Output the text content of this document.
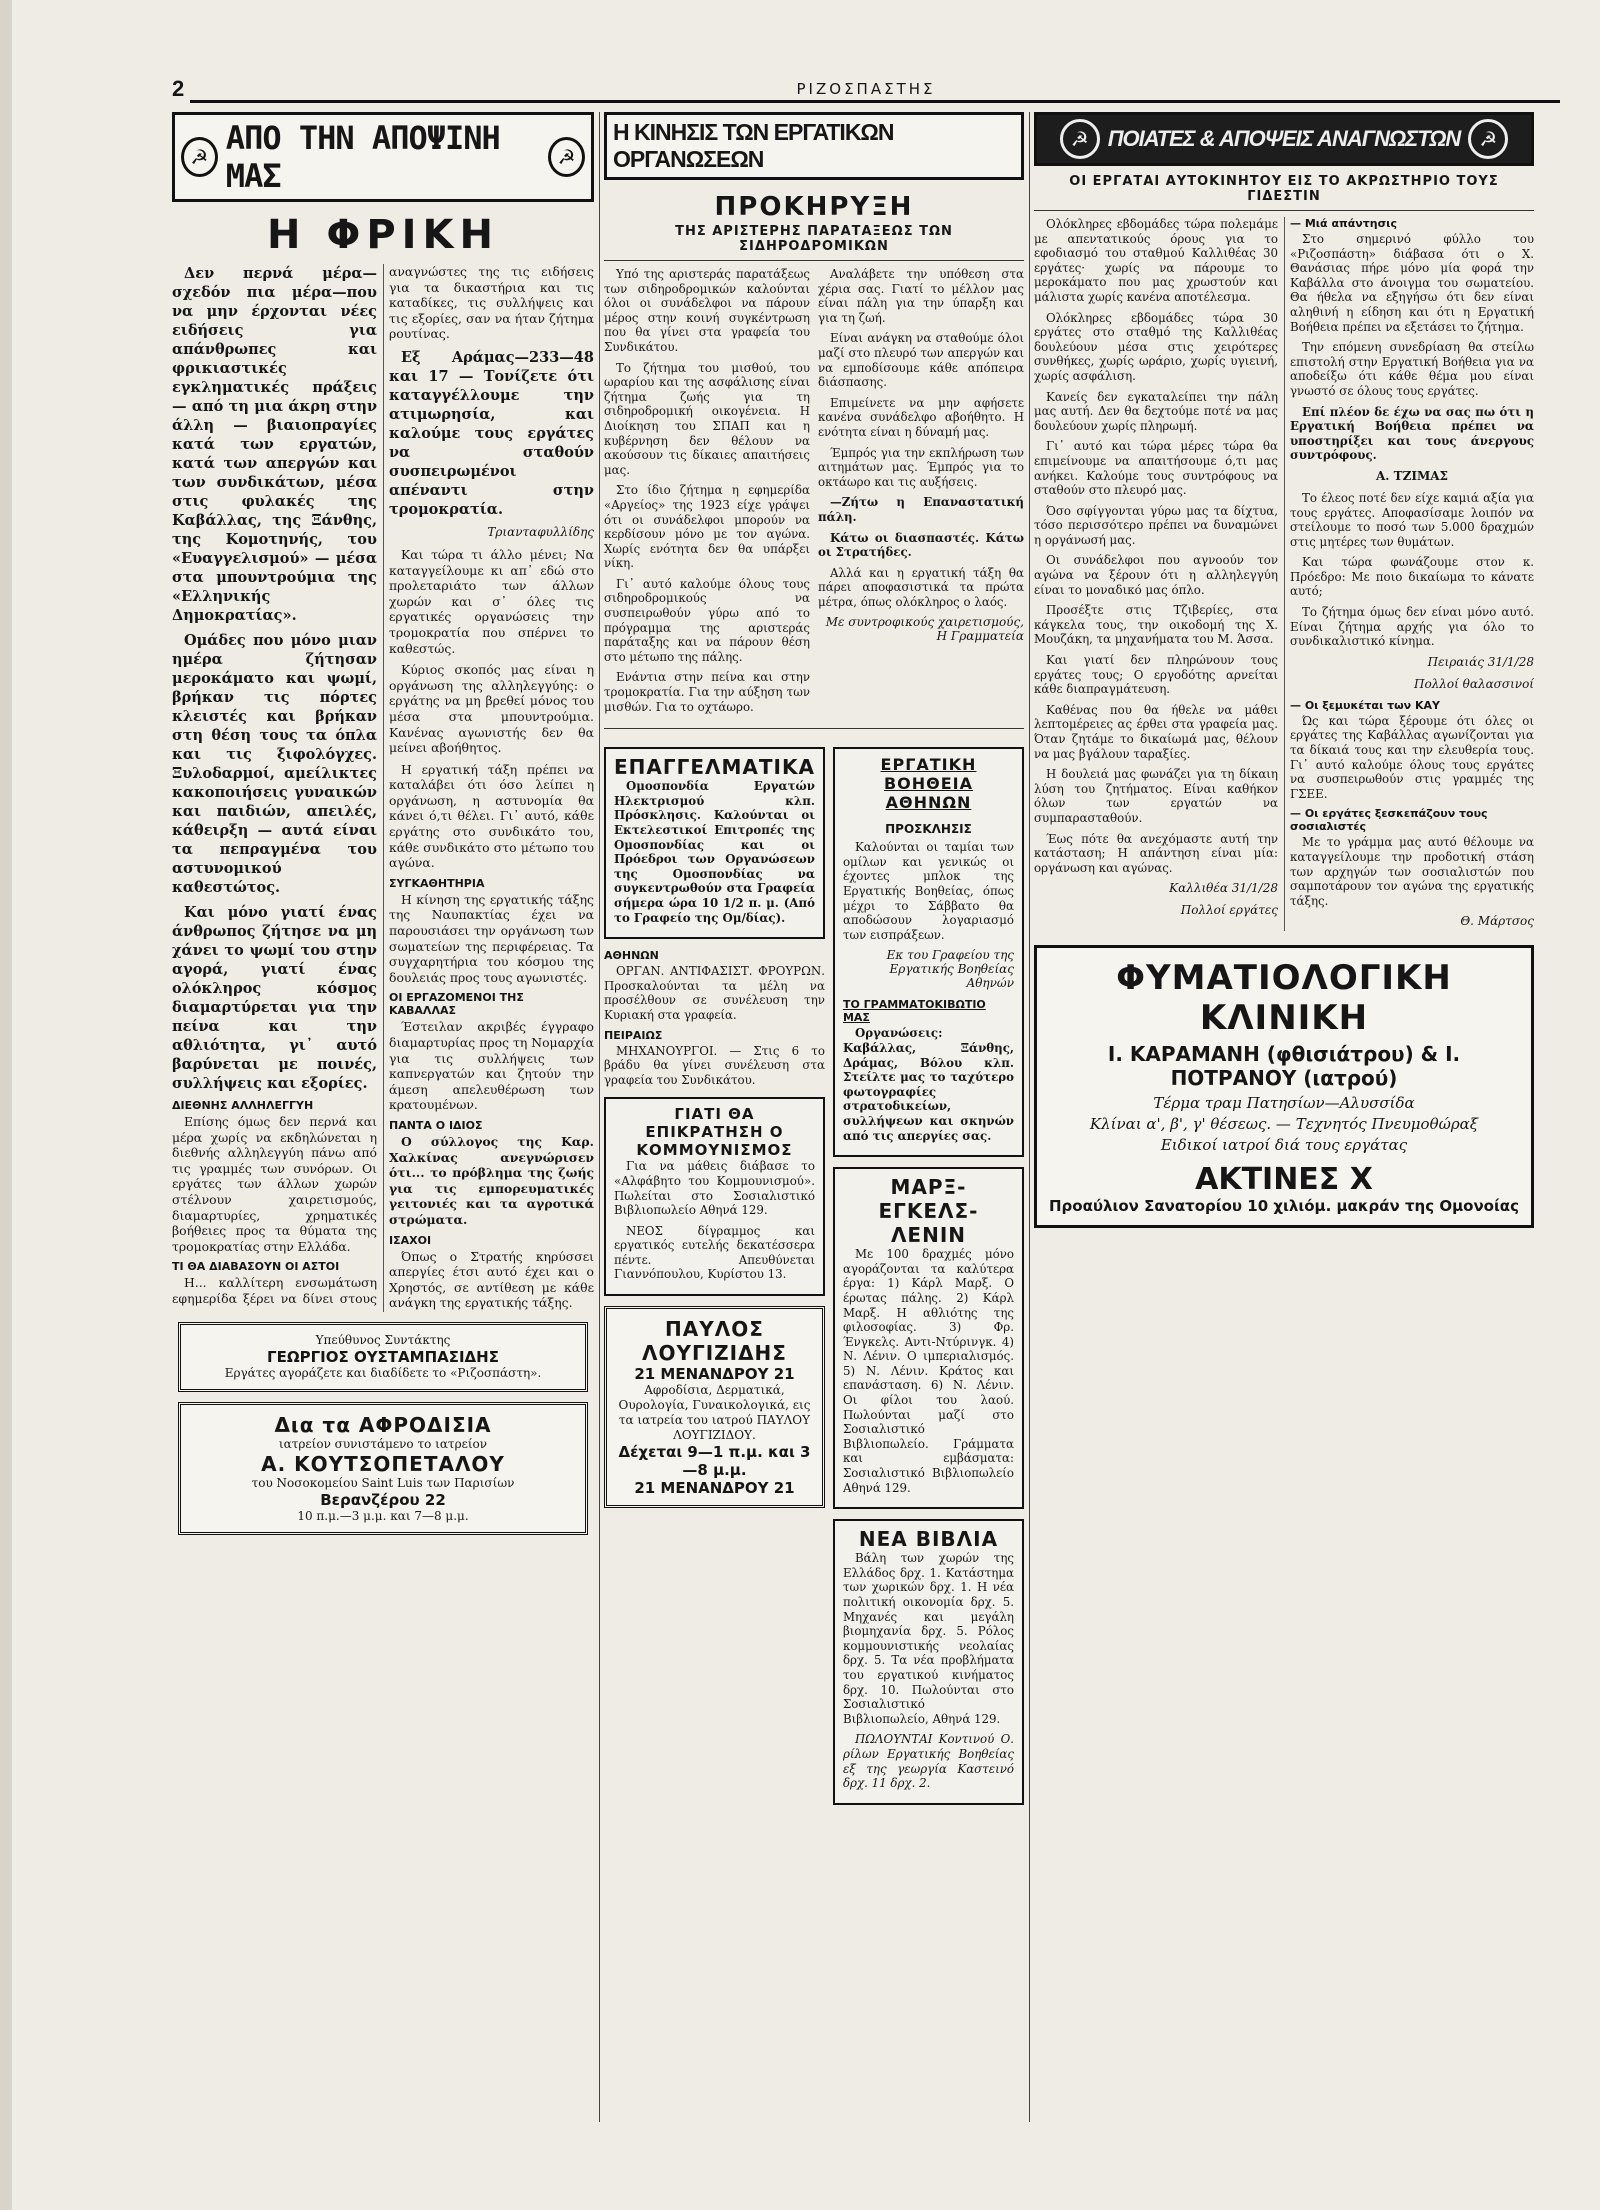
2	ΡΙΖΟΣΠΑΣΤΗΣ
☭ ΑΠΟ ΤΗΝ ΑΠΟΨΙΝΗ ΜΑΣ	☭
Η ΦΡΙΚΗ

Δεν περνά μέρα—σχεδόν πια μέρα—που να μην έρχονται νέες ειδήσεις για απάνθρωπες και φρικιαστικές εγκληματικές πράξεις — από τη μια άκρη στην άλλη — βιαιοπραγίες κατά των εργατών, κατά των απεργών και των συνδικάτων, μέσα στις φυλακές της Καβάλλας, της Ξάνθης, της Κομοτηνής, του «Ευαγγελισμού» — μέσα στα μπουντρούμια της «Ελληνικής Δημοκρατίας».

Ομάδες που μόνο μιαν ημέρα ζήτησαν μεροκάματο και ψωμί, βρήκαν τις πόρτες κλειστές και βρήκαν στη θέση τους τα όπλα και τις ξιφολόγχες. Ξυλοδαρμοί, αμείλικτες κακοποιήσεις γυναικών και παιδιών, απειλές, κάθειρξη — αυτά είναι τα πεπραγμένα του αστυνομικού καθεστώτος.

Και μόνο γιατί ένας άνθρωπος ζήτησε να μη χάνει το ψωμί του στην αγορά, γιατί ένας ολόκληρος κόσμος διαμαρτύρεται για την πείνα και την αθλιότητα, γι᾽ αυτό βαρύνεται με ποινές, συλλήψεις και εξορίες.

ΔΙΕΘΝΗΣ ΑΛΛΗΛΕΓΓΥΗ

Επίσης όμως δεν περνά και μέρα χωρίς να εκδηλώνεται η διεθνής αλληλεγγύη πάνω από τις γραμμές των συνόρων. Οι εργάτες των άλλων χωρών στέλνουν χαιρετισμούς, διαμαρτυρίες, χρηματικές βοήθειες προς τα θύματα της τρομοκρατίας στην Ελλάδα.

ΤΙ ΘΑ ΔΙΑΒΑΣΟΥΝ ΟΙ ΑΣΤΟΙ

Η... καλλίτερη ενσωμάτωση εφημερίδα ξέρει να δίνει στους αναγνώστες της τις ειδήσεις για τα δικαστήρια και τις καταδίκες, τις συλλήψεις και τις εξορίες, σαν να ήταν ζήτημα ρουτίνας.

Εξ Αράμας—233—48 και 17 — Τονίζετε ότι καταγγέλλουμε την ατιμωρησία, και καλούμε τους εργάτες να σταθούν συσπειρωμένοι απέναντι στην τρομοκρατία.

Τριανταφυλλίδης

Και τώρα τι άλλο μένει; Να καταγγείλουμε κι απ᾽ εδώ στο προλεταριάτο των άλλων χωρών και σ᾽ όλες τις εργατικές οργανώσεις την τρομοκρατία που σπέρνει το καθεστώς.

Κύριος σκοπός μας είναι η οργάνωση της αλληλεγγύης: ο εργάτης να μη βρεθεί μόνος του μέσα στα μπουντρούμια. Κανένας αγωνιστής δεν θα μείνει αβοήθητος.

Η εργατική τάξη πρέπει να καταλάβει ότι όσο λείπει η οργάνωση, η αστυνομία θα κάνει ό,τι θέλει. Γι᾽ αυτό, κάθε εργάτης στο συνδικάτο του, κάθε συνδικάτο στο μέτωπο του αγώνα.

ΣΥΓΚΑΘΗΤΗΡΙΑ

Η κίνηση της εργατικής τάξης της Ναυπακτίας έχει να παρουσιάσει την οργάνωση των σωματείων της περιφέρειας. Τα συγχαρητήρια του κόσμου της δουλειάς προς τους αγωνιστές.

ΟΙ ΕΡΓΑΖΟΜΕΝΟΙ ΤΗΣ ΚΑΒΑΛΛΑΣ

Έστειλαν ακριβές έγγραφο διαμαρτυρίας προς τη Νομαρχία για τις συλλήψεις των καπνεργατών και ζητούν την άμεση απελευθέρωση των κρατουμένων.

ΠΑΝΤΑ Ο ΙΔΙΟΣ

Ο σύλλογος της Καρ. Χαλκίνας ανεγνώρισεν ότι... το πρόβλημα της ζωής για τις εμπορευματικές γειτονιές και τα αγροτικά στρώματα.

ΙΣΑΧΟΙ

Όπως ο Στρατής κηρύσσει απεργίες έτσι αυτό έχει και ο Χρηστός, σε αντίθεση με κάθε ανάγκη της εργατικής τάξης.

Υπεύθυνος Συντάκτης
ΓΕΩΡΓΙΟΣ ΟΥΣΤΑΜΠΑΣΙΔΗΣ
Εργάτες αγοράζετε και διαδίδετε το «Ριζοσπάστη».
Δια τα ΑΦΡΟΔΙΣΙΑ
ιατρείον συνιστάμενο το ιατρείον
Α. ΚΟΥΤΣΟΠΕΤΑΛΟΥ
του Νοσοκομείου Saint Luis των Παρισίων
Βερανζέρου 22
10 π.μ.—3 μ.μ. και 7—8 μ.μ.
Η ΚΙΝΗΣΙΣ ΤΩΝ ΕΡΓΑΤΙΚΩΝ ΟΡΓΑΝΩΣΕΩΝ
ΠΡΟΚΗΡΥΞΗ
ΤΗΣ ΑΡΙΣΤΕΡΗΣ ΠΑΡΑΤΑΞΕΩΣ ΤΩΝ ΣΙΔΗΡΟΔΡΟΜΙΚΩΝ

Υπό της αριστεράς παρατάξεως των σιδηροδρομικών καλούνται όλοι οι συνάδελφοι να πάρουν μέρος στην κοινή συγκέντρωση που θα γίνει στα γραφεία του Συνδικάτου.

Το ζήτημα του μισθού, του ωραρίου και της ασφάλισης είναι ζήτημα ζωής για τη σιδηροδρομική οικογένεια. Η Διοίκηση του ΣΠΑΠ και η κυβέρνηση δεν θέλουν να ακούσουν τις δίκαιες απαιτήσεις μας.

Στο ίδιο ζήτημα η εφημερίδα «Αργείος» της 1923 είχε γράψει ότι οι συνάδελφοι μπορούν να κερδίσουν μόνο με τον αγώνα. Χωρίς ενότητα δεν θα υπάρξει νίκη.

Γι᾽ αυτό καλούμε όλους τους σιδηροδρομικούς να συσπειρωθούν γύρω από το πρόγραμμα της αριστεράς παράταξης και να πάρουν θέση στο μέτωπο της πάλης.

Ενάντια στην πείνα και στην τρομοκρατία. Για την αύξηση των μισθών. Για το οχτάωρο.

Αναλάβετε την υπόθεση στα χέρια σας. Γιατί το μέλλον μας είναι πάλη για την ύπαρξη και για τη ζωή.

Είναι ανάγκη να σταθούμε όλοι μαζί στο πλευρό των απεργών και να εμποδίσουμε κάθε απόπειρα διάσπασης.

Επιμείνετε να μην αφήσετε κανένα συνάδελφο αβοήθητο. Η ενότητα είναι η δύναμή μας.

Έμπρός για την εκπλήρωση των αιτημάτων μας. Έμπρός για το οκτάωρο και τις αυξήσεις.

—Ζήτω η Επαναστατική πάλη.

Κάτω οι διασπαστές. Κάτω οι Στρατήδες.

Αλλά και η εργατική τάξη θα πάρει αποφασιστικά τα πρώτα μέτρα, όπως ολόκληρος ο λαός.

Με συντροφικούς χαιρετισμούς, Η Γραμματεία
ΕΠΑΓΓΕΛΜΑΤΙΚΑ

Ομοσπονδία Εργατών Ηλεκτρισμού κλπ. Πρόσκλησις. Καλούνται οι Εκτελεστικοί Επιτροπές της Ομοσπονδίας και οι Πρόεδροι των Οργανώσεων της Ομοσπονδίας να συγκεντρωθούν στα Γραφεία σήμερα ώρα 10 1/2 π. μ. (Από το Γραφείο της Ομ/δίας).

ΑΘΗΝΩΝ

ΟΡΓΑΝ. ΑΝΤΙΦΑΣΙΣΤ. ΦΡΟΥΡΩΝ. Προσκαλούνται τα μέλη να προσέλθουν σε συνέλευση την Κυριακή στα γραφεία.

ΠΕΙΡΑΙΩΣ

ΜΗΧΑΝΟΥΡΓΟΙ. — Στις 6 το βράδυ θα γίνει συνέλευση στα γραφεία του Συνδικάτου.

ΓΙΑΤΙ ΘΑ ΕΠΙΚΡΑΤΗΣΗ Ο ΚΟΜΜΟΥΝΙΣΜΟΣ

Για να μάθεις διάβασε το «Αλφάβητο του Κομμουνισμού». Πωλείται στο Σοσιαλιστικό Βιβλιοπωλείο Αθηνά 129.

ΝΕΟΣ δίγραμμος και εργατικός ευτελής δεκατέσσερα πέντε. Απευθύνεται Γιαννόπουλου, Κυρίστου 13.

ΠΑΥΛΟΣ ΛΟΥΓΙΖΙΔΗΣ
21 ΜΕΝΑΝΔΡΟΥ 21
Αφροδίσια, Δερματικά, Ουρολογία, Γυναικολογικά, εις τα ιατρεία του ιατρού ΠΑΥΛΟΥ ΛΟΥΓΙΖΙΔΟΥ.
Δέχεται 9—1 π.μ. και 3—8 μ.μ.
21 ΜΕΝΑΝΔΡΟΥ 21
ΕΡΓΑΤΙΚΗ ΒΟΗΘΕΙΑ ΑΘΗΝΩΝ
ΠΡΟΣΚΛΗΣΙΣ

Καλούνται οι ταμίαι των ομίλων και γενικώς οι έχοντες μπλοκ της Εργατικής Βοηθείας, όπως μέχρι το Σάββατο θα αποδώσουν λογαριασμό των εισπράξεων.

Εκ του Γραφείου της Εργατικής Βοηθείας Αθηνών
ΤΟ ΓΡΑΜΜΑΤΟΚΙΒΩΤΙΟ ΜΑΣ

Οργανώσεις: Καβάλλας, Ξάνθης, Δράμας, Βόλου κλπ. Στείλτε μας το ταχύτερο φωτογραφίες στρατοδικείων, συλλήψεων και σκηνών από τις απεργίες σας.

ΜΑΡΞ-ΕΓΚΕΛΣ-ΛΕΝΙΝ

Με 100 δραχμές μόνο αγοράζονται τα καλύτερα έργα: 1) Κάρλ Μαρξ. Ο έρωτας πάλης. 2) Κάρλ Μαρξ. Η αθλιότης της φιλοσοφίας. 3) Φρ. Ένγκελς. Αντι-Ντύρινγκ. 4) Ν. Λένιν. Ο ιμπεριαλισμός. 5) Ν. Λένιν. Κράτος και επανάσταση. 6) Ν. Λένιν. Οι φίλοι του λαού. Πωλούνται μαζί στο Σοσιαλιστικό Βιβλιοπωλείο. Γράμματα και εμβάσματα: Σοσιαλιστικό Βιβλιοπωλείο Αθηνά 129.

ΝΕΑ ΒΙΒΛΙΑ

Βάλη των χωρών της Ελλάδος δρχ. 1. Κατάστημα των χωρικών δρχ. 1. Η νέα πολιτική οικονομία δρχ. 5. Μηχανές και μεγάλη βιομηχανία δρχ. 5. Ρόλος κομμουνιστικής νεολαίας δρχ. 5. Τα νέα προβλήματα του εργατικού κινήματος δρχ. 10. Πωλούνται στο Σοσιαλιστικό Βιβλιοπωλείο, Αθηνά 129.

ΠΩΛΟΥΝΤΑΙ Κοντινού Ο. ρίλων Εργατικής Βοηθείας εξ της γεωργία Καστεινό δρχ. 11 δρχ. 2.

☭ ΠΟΙΑΤΕΣ & ΑΠΟΨΕΙΣ ΑΝΑΓΝΩΣΤΩΝ ☭
ΟΙ ΕΡΓΑΤΑΙ ΑΥΤΟΚΙΝΗΤΟΥ ΕΙΣ ΤΟ ΑΚΡΩΣΤΗΡΙΟ ΤΟΥΣ ΓΙΔΕΣΤΙΝ

Ολόκληρες εβδομάδες τώρα πολεμάμε με απεντατικούς όρους για το εφοδιασμό του σταθμού Καλλιθέας 30 εργάτες· χωρίς να πάρουμε το μεροκάματο που μας χρωστούν και μάλιστα χωρίς κανένα αποτέλεσμα.

Ολόκληρες εβδομάδες τώρα 30 εργάτες στο σταθμό της Καλλιθέας δουλεύουν μέσα στις χειρότερες συνθήκες, χωρίς ωράριο, χωρίς υγιεινή, χωρίς ασφάλιση.

Κανείς δεν εγκαταλείπει την πάλη μας αυτή. Δεν θα δεχτούμε ποτέ να μας δουλεύουν χωρίς πληρωμή.

Γι᾽ αυτό και τώρα μέρες τώρα θα επιμείνουμε να απαιτήσουμε ό,τι μας ανήκει. Καλούμε τους συντρόφους να σταθούν στο πλευρό μας.

Όσο σφίγγονται γύρω μας τα δίχτυα, τόσο περισσότερο πρέπει να δυναμώνει η οργάνωσή μας.

Οι συνάδελφοι που αγνοούν τον αγώνα να ξέρουν ότι η αλληλεγγύη είναι το μοναδικό μας όπλο.

Προσέξτε στις Τζιβερίες, στα κάγκελα τους, την οικοδομή της Χ. Μουζάκη, τα μηχανήματα του Μ. Άσσα.

Και γιατί δεν πληρώνουν τους εργάτες τους; Ο εργοδότης αρνείται κάθε διαπραγμάτευση.

Καθένας που θα ήθελε να μάθει λεπτομέρειες ας έρθει στα γραφεία μας. Όταν ζητάμε το δικαίωμά μας, θέλουν να μας βγάλουν ταραξίες.

Η δουλειά μας φωνάζει για τη δίκαιη λύση του ζητήματος. Είναι καθήκον όλων των εργατών να συμπαρασταθούν.

Έως πότε θα ανεχόμαστε αυτή την κατάσταση; Η απάντηση είναι μία: οργάνωση και αγώνας.

Καλλιθέα 31/1/28
Πολλοί εργάτες
— Μιά απάντησις

Στο σημερινό φύλλο του «Ριζοσπάστη» διάβασα ότι ο Χ. Θανάσιας πήρε μόνο μία φορά την Καβάλλα στο άνοιγμα του σωματείου. Θα ήθελα να εξηγήσω ότι δεν είναι αληθινή η είδηση και ότι η Εργατική Βοήθεια πρέπει να εξετάσει το ζήτημα.

Την επόμενη συνεδρίαση θα στείλω επιστολή στην Εργατική Βοήθεια για να αποδείξω ότι κάθε θέμα μου είναι γνωστό σε όλους τους εργάτες.

Επί πλέον δε έχω να σας πω ότι η Εργατική Βοήθεια πρέπει να υποστηρίξει και τους άνεργους συντρόφους.

Α. ΤΖΙΜΑΣ

Το έλεος ποτέ δεν είχε καμιά αξία για τους εργάτες. Αποφασίσαμε λοιπόν να στείλουμε το ποσό των 5.000 δραχμών στις μητέρες των θυμάτων.

Και τώρα φωνάζουμε στον κ. Πρόεδρο: Με ποιο δικαίωμα το κάνατε αυτό;

Το ζήτημα όμως δεν είναι μόνο αυτό. Είναι ζήτημα αρχής για όλο το συνδικαλιστικό κίνημα.

Πειραιάς 31/1/28
Πολλοί θαλασσινοί
— Οι ξεμυκέται των ΚΑΥ

Ώς και τώρα ξέρουμε ότι όλες οι εργάτες της Καβάλλας αγωνίζονται για τα δίκαιά τους και την ελευθερία τους. Γι᾽ αυτό καλούμε όλους τους εργάτες να συσπειρωθούν στις γραμμές της ΓΣΕΕ.

— Οι εργάτες ξεσκεπάζουν τους σοσιαλιστές

Με το γράμμα μας αυτό θέλουμε να καταγγείλουμε την προδοτική στάση των αρχηγών των σοσιαλιστών που σαμποτάρουν τον αγώνα της εργατικής τάξης.

Θ. Μάρτσος
ΦΥΜΑΤΙΟΛΟΓΙΚΗ ΚΛΙΝΙΚΗ
Ι. ΚΑΡΑΜΑΝΗ (φθισιάτρου) & Ι. ΠΟΤΡΑΝΟΥ (ιατρού)
Τέρμα τραμ Πατησίων—Αλυσσίδα
Κλίναι α', β', γ' θέσεως. — Τεχνητός Πνευμοθώραξ
Ειδικοί ιατροί διά τους εργάτας
ΑΚΤΙΝΕΣ Χ
Προαύλιον Σανατορίου 10 χιλιόμ. μακράν της Ομονοίας
